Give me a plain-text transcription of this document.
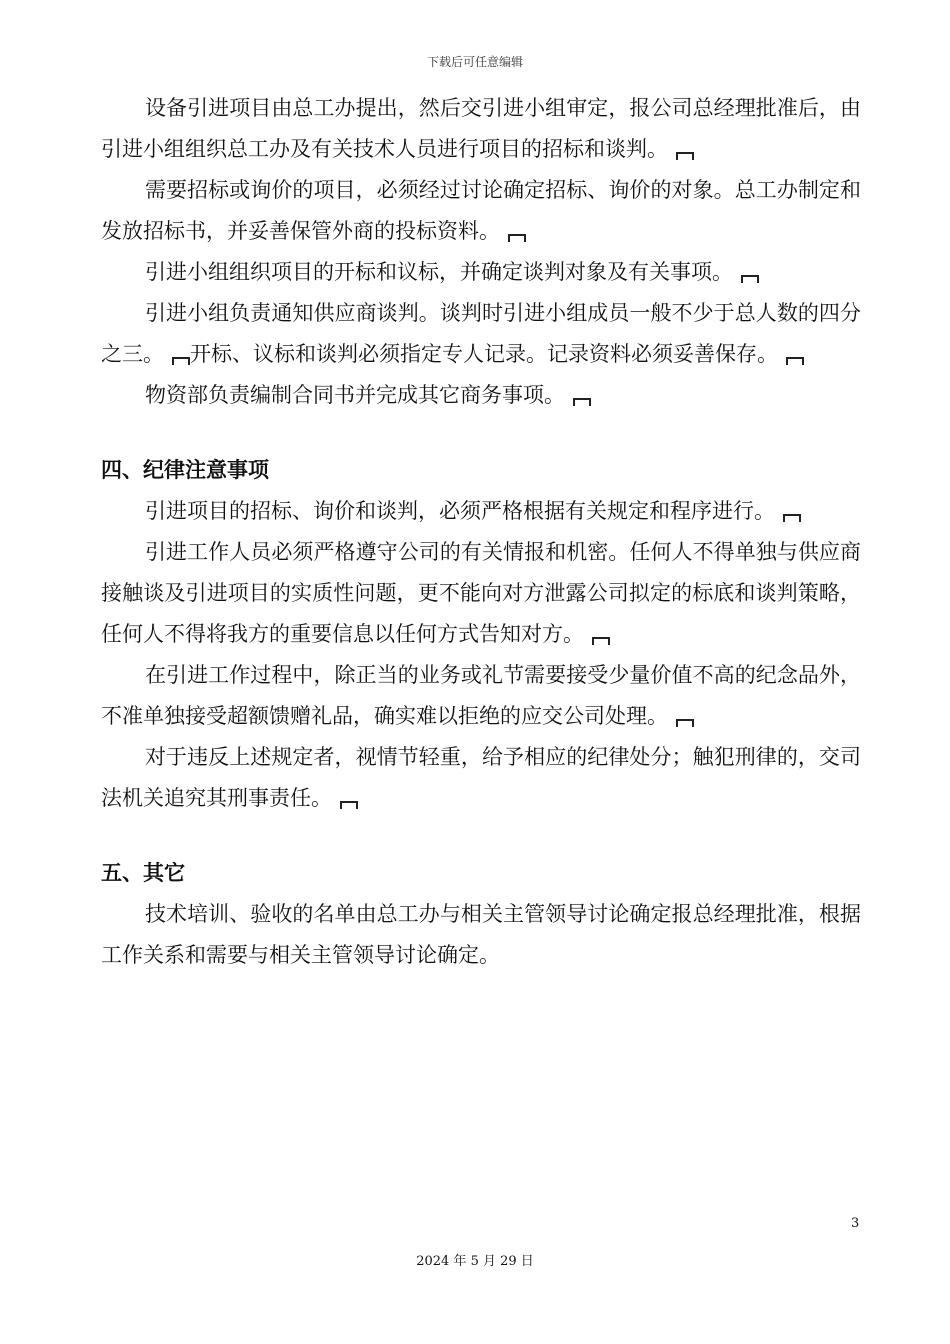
下载后可任意编辑

设备引进项目由总工办提出，然后交引进小组审定，报公司总经理批准后，由引进小组组织总工办及有关技术人员进行项目的招标和谈判。

需要招标或询价的项目，必须经过讨论确定招标、询价的对象。总工办制定和发放招标书，并妥善保管外商的投标资料。

引进小组组织项目的开标和议标，并确定谈判对象及有关事项。

引进小组负责通知供应商谈判。谈判时引进小组成员一般不少于总人数的四分之三。 开标、议标和谈判必须指定专人记录。记录资料必须妥善保存。

物资部负责编制合同书并完成其它商务事项。

四、纪律注意事项

引进项目的招标、询价和谈判，必须严格根据有关规定和程序进行。

引进工作人员必须严格遵守公司的有关情报和机密。任何人不得单独与供应商接触谈及引进项目的实质性问题，更不能向对方泄露公司拟定的标底和谈判策略，任何人不得将我方的重要信息以任何方式告知对方。

在引进工作过程中，除正当的业务或礼节需要接受少量价值不高的纪念品外，不准单独接受超额馈赠礼品，确实难以拒绝的应交公司处理。

对于违反上述规定者，视情节轻重，给予相应的纪律处分；触犯刑律的，交司法机关追究其刑事责任。

五、其它

技术培训、验收的名单由总工办与相关主管领导讨论确定报总经理批准，根据工作关系和需要与相关主管领导讨论确定。

3
2024 年 5 月 29 日
